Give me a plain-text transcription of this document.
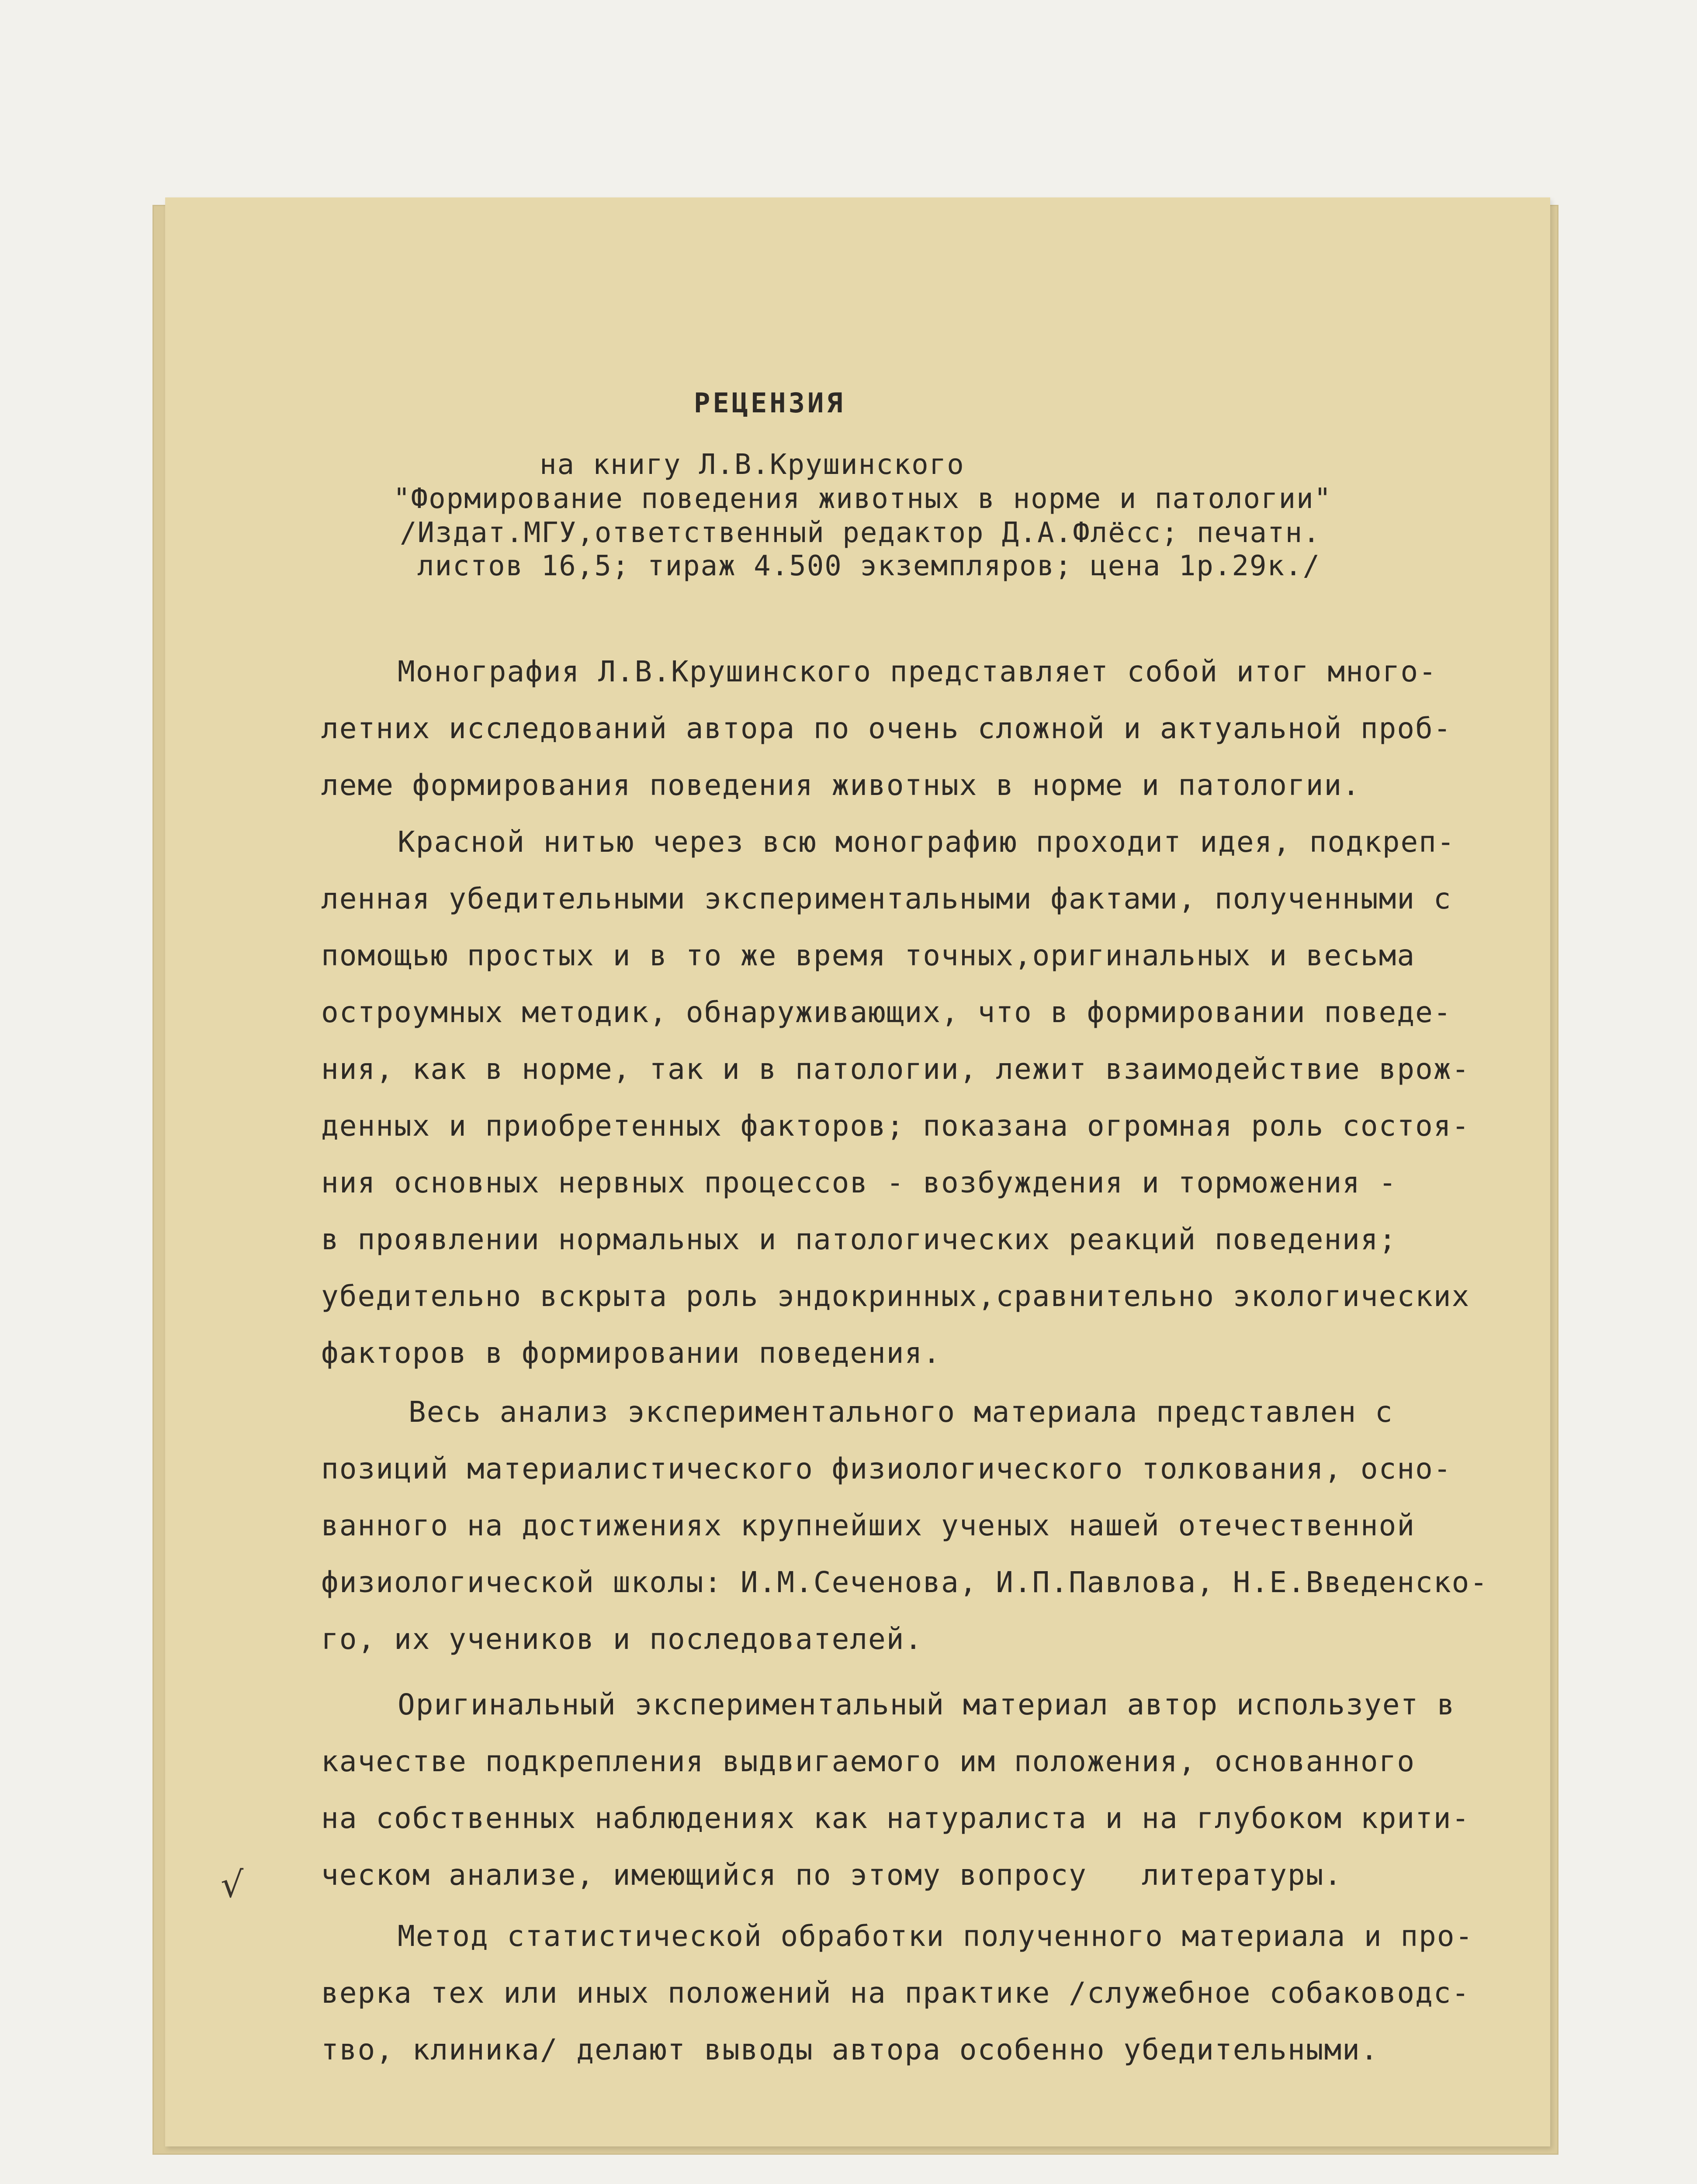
РЕЦЕНЗИЯ
на книгу Л.В.Крушинского
"Формирование поведения животных в норме и патологии"
/Издат.МГУ,ответственный редактор Д.А.Флёсс; печатн.
листов 16,5; тираж 4.500 экземпляров; цена 1р.29к./
Монография Л.В.Крушинского представляет собой итог много-
летних исследований автора по очень сложной и актуальной проб-
леме формирования поведения животных в норме и патологии.
Красной нитью через всю монографию проходит идея, подкреп-
ленная убедительными экспериментальными фактами, полученными с
помощью простых и в то же время точных,оригинальных и весьма
остроумных методик, обнаруживающих, что в формировании поведе-
ния, как в норме, так и в патологии, лежит взаимодействие врож-
денных и приобретенных факторов; показана огромная роль состоя-
ния основных нервных процессов - возбуждения и торможения -
в проявлении нормальных и патологических реакций поведения;
убедительно вскрыта роль эндокринных,сравнительно экологических
факторов в формировании поведения.
Весь анализ экспериментального материала представлен с
позиций материалистического физиологического толкования, осно-
ванного на достижениях крупнейших ученых нашей отечественной
физиологической школы: И.М.Сеченова, И.П.Павлова, Н.Е.Введенско-
го, их учеников и последователей.
Оригинальный экспериментальный материал автор использует в
качестве подкрепления выдвигаемого им положения, основанного
на собственных наблюдениях как натуралиста и на глубоком крити-
ческом анализе, имеющийся по этому вопросу   литературы.
Метод статистической обработки полученного материала и про-
верка тех или иных положений на практике /служебное собаководс-
тво, клиника/ делают выводы автора особенно убедительными.
√
